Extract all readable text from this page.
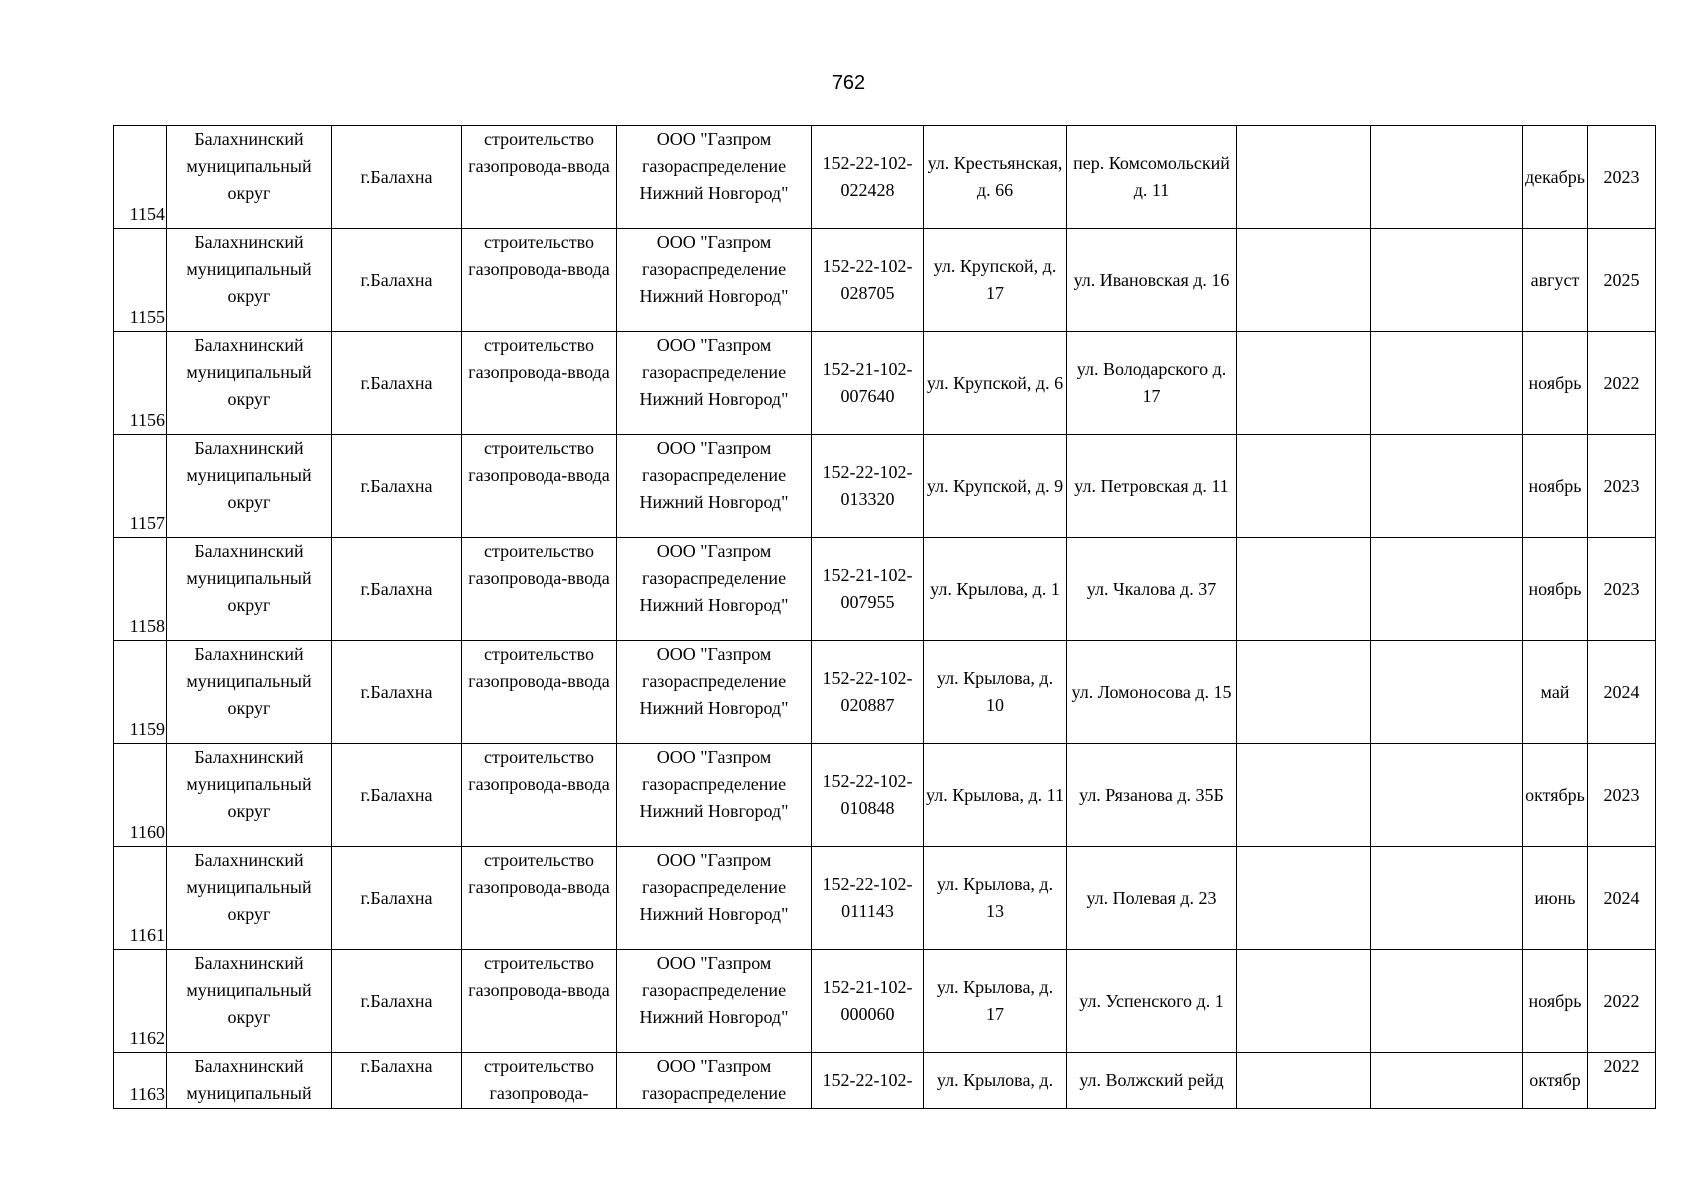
762
1154	Балахнинский муниципальный округ	г.Балахна	строительство газопровода-ввода	ООО "Газпром газораспределение Нижний Новгород"	152-22-102-022428	ул. Крестьянская, д. 66	пер. Комсомольский д. 11			декабрь	2023
1155	Балахнинский муниципальный округ	г.Балахна	строительство газопровода-ввода	ООО "Газпром газораспределение Нижний Новгород"	152-22-102-028705	ул. Крупской, д. 17	ул. Ивановская д. 16			август	2025
1156	Балахнинский муниципальный округ	г.Балахна	строительство газопровода-ввода	ООО "Газпром газораспределение Нижний Новгород"	152-21-102-007640	ул. Крупской, д. 6	ул. Володарского д. 17			ноябрь	2022
1157	Балахнинский муниципальный округ	г.Балахна	строительство газопровода-ввода	ООО "Газпром газораспределение Нижний Новгород"	152-22-102-013320	ул. Крупской, д. 9	ул. Петровская д. 11			ноябрь	2023
1158	Балахнинский муниципальный округ	г.Балахна	строительство газопровода-ввода	ООО "Газпром газораспределение Нижний Новгород"	152-21-102-007955	ул. Крылова, д. 1	ул. Чкалова д. 37			ноябрь	2023
1159	Балахнинский муниципальный округ	г.Балахна	строительство газопровода-ввода	ООО "Газпром газораспределение Нижний Новгород"	152-22-102-020887	ул. Крылова, д. 10	ул. Ломоносова д. 15			май	2024
1160	Балахнинский муниципальный округ	г.Балахна	строительство газопровода-ввода	ООО "Газпром газораспределение Нижний Новгород"	152-22-102-010848	ул. Крылова, д. 11	ул. Рязанова д. 35Б			октябрь	2023
1161	Балахнинский муниципальный округ	г.Балахна	строительство газопровода-ввода	ООО "Газпром газораспределение Нижний Новгород"	152-22-102-011143	ул. Крылова, д. 13	ул. Полевая д. 23			июнь	2024
1162	Балахнинский муниципальный округ	г.Балахна	строительство газопровода-ввода	ООО "Газпром газораспределение Нижний Новгород"	152-21-102-000060	ул. Крылова, д. 17	ул. Успенского д. 1			ноябрь	2022
1163	Балахнинский муниципальный	г.Балахна	строительство газопровода-	ООО "Газпром газораспределение	152-22-102-	ул. Крылова, д.	ул. Волжский рейд			октябр	2022
